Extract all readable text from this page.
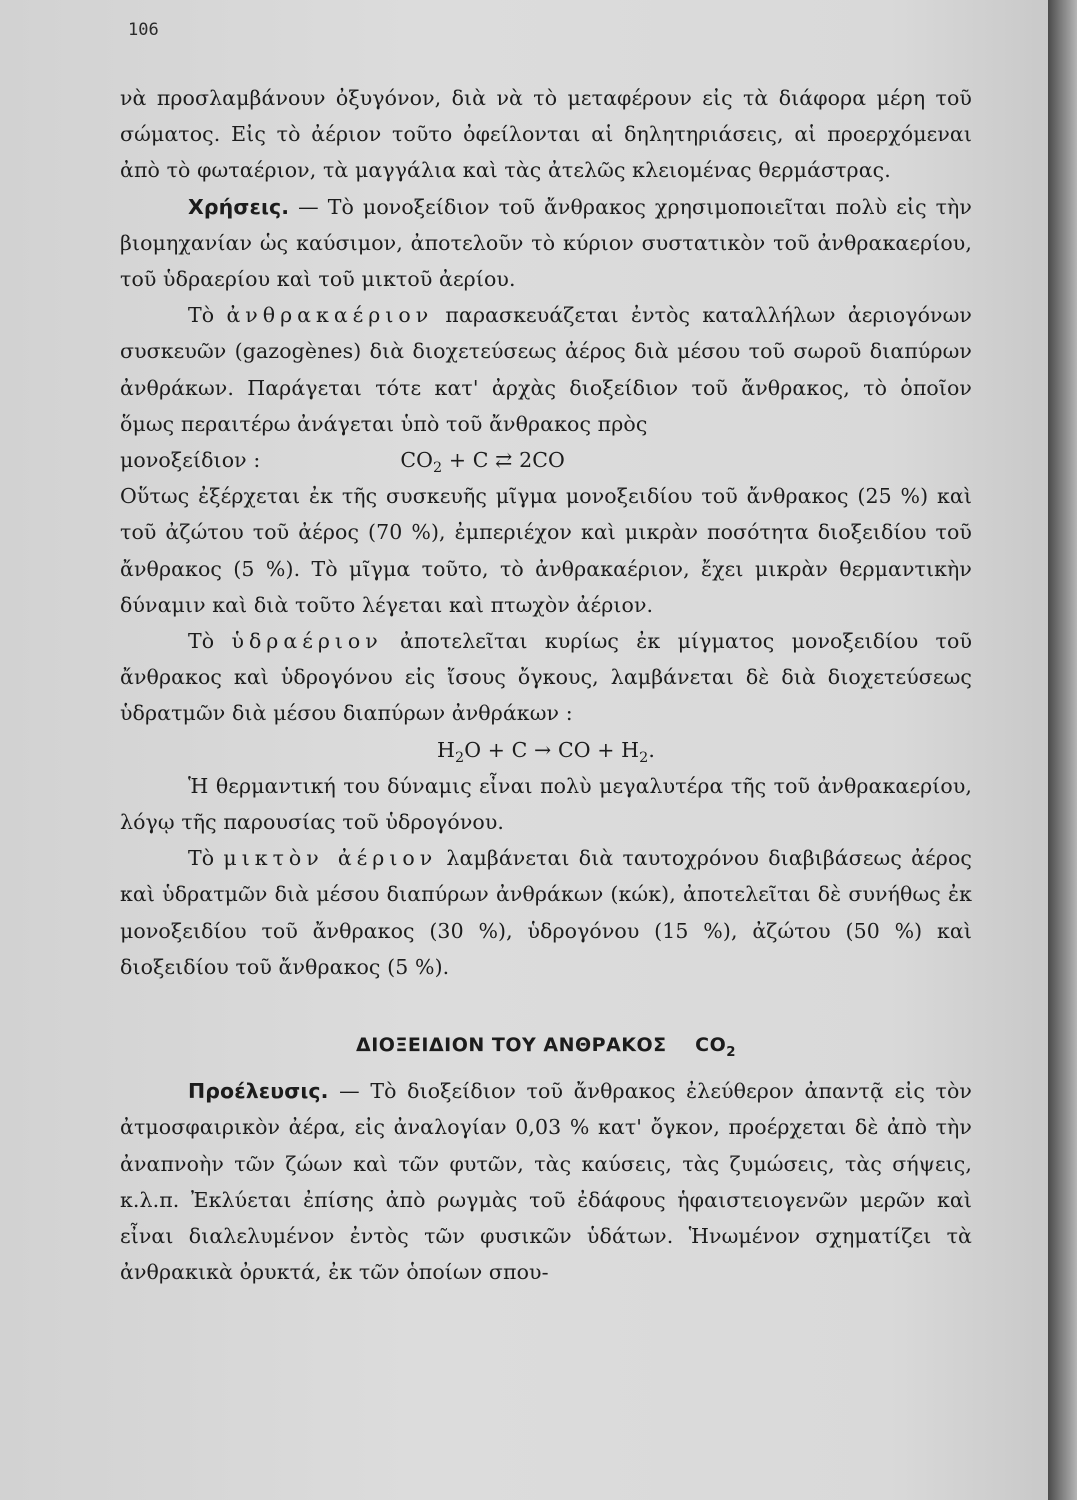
106

νὰ προσλαμβάνουν ὀξυγόνον, διὰ νὰ τὸ μεταφέρουν εἰς τὰ διάφορα μέρη τοῦ σώματος. Εἰς τὸ ἀέριον τοῦτο ὀφείλονται αἱ δηλητηριάσεις, αἱ προερχόμεναι ἀπὸ τὸ φωταέριον, τὰ μαγγάλια καὶ τὰς ἀτελῶς κλειομένας θερμάστρας.

Χρήσεις. — Τὸ μονοξείδιον τοῦ ἄνθρακος χρησιμοποιεῖται πολὺ εἰς τὴν βιομηχανίαν ὡς καύσιμον, ἀποτελοῦν τὸ κύριον συστατικὸν τοῦ ἀνθρακαερίου, τοῦ ὑδραερίου καὶ τοῦ μικτοῦ ἀερίου.

Τὸ ἀνθρακαέριον παρασκευάζεται ἐντὸς καταλλήλων ἀεριογόνων συσκευῶν (gazogènes) διὰ διοχετεύσεως ἀέρος διὰ μέσου τοῦ σωροῦ διαπύρων ἀνθράκων. Παράγεται τότε κατ' ἀρχὰς διοξείδιον τοῦ ἄνθρακος, τὸ ὁποῖον ὅμως περαιτέρω ἀνάγεται ὑπὸ τοῦ ἄνθρακος πρὸς

μονοξείδιον :	$CO_2 + C$ ⇄ 2CO

Οὕτως ἐξέρχεται ἐκ τῆς συσκευῆς μῖγμα μονοξειδίου τοῦ ἄνθρακος (25 %) καὶ τοῦ ἀζώτου τοῦ ἀέρος (70 %), ἐμπεριέχον καὶ μικρὰν ποσότητα διοξειδίου τοῦ ἄνθρακος (5 %). Τὸ μῖγμα τοῦτο, τὸ ἀνθρακαέριον, ἔχει μικρὰν θερμαντικὴν δύναμιν καὶ διὰ τοῦτο λέγεται καὶ πτωχὸν ἀέριον.

Τὸ ὑδραέριον ἀποτελεῖται κυρίως ἐκ μίγματος μονοξειδίου τοῦ ἄνθρακος καὶ ὑδρογόνου εἰς ἴσους ὄγκους, λαμβάνεται δὲ διὰ διοχετεύσεως ὑδρατμῶν διὰ μέσου διαπύρων ἀνθράκων :

$H_2O + C$ → CO + $H_2$.

Ἡ θερμαντική του δύναμις εἶναι πολὺ μεγαλυτέρα τῆς τοῦ ἀνθρακαερίου, λόγῳ τῆς παρουσίας τοῦ ὑδρογόνου.

Τὸ μικτὸν ἀέριον λαμβάνεται διὰ ταυτοχρόνου διαβιβάσεως ἀέρος καὶ ὑδρατμῶν διὰ μέσου διαπύρων ἀνθράκων (κώκ), ἀποτελεῖται δὲ συνήθως ἐκ μονοξειδίου τοῦ ἄνθρακος (30 %), ὑδρογόνου (15 %), ἀζώτου (50 %) καὶ διοξειδίου τοῦ ἄνθρακος (5 %).

ΔΙΟΞΕΙΔΙΟΝ ΤΟΥ ΑΝΘΡΑΚΟΣ $CO_2$

Προέλευσις. — Τὸ διοξείδιον τοῦ ἄνθρακος ἐλεύθερον ἀπαντᾷ εἰς τὸν ἀτμοσφαιρικὸν ἀέρα, εἰς ἀναλογίαν 0,03 % κατ' ὄγκον, προέρχεται δὲ ἀπὸ τὴν ἀναπνοὴν τῶν ζώων καὶ τῶν φυτῶν, τὰς καύσεις, τὰς ζυμώσεις, τὰς σήψεις, κ.λ.π. Ἐκλύεται ἐπίσης ἀπὸ ρωγμὰς τοῦ ἐδάφους ἡφαιστειογενῶν μερῶν καὶ εἶναι διαλελυμένον ἐντὸς τῶν φυσικῶν ὑδάτων. Ἡνωμένον σχηματίζει τὰ ἀνθρακικὰ ὀρυκτά, ἐκ τῶν ὁποίων σπου-
